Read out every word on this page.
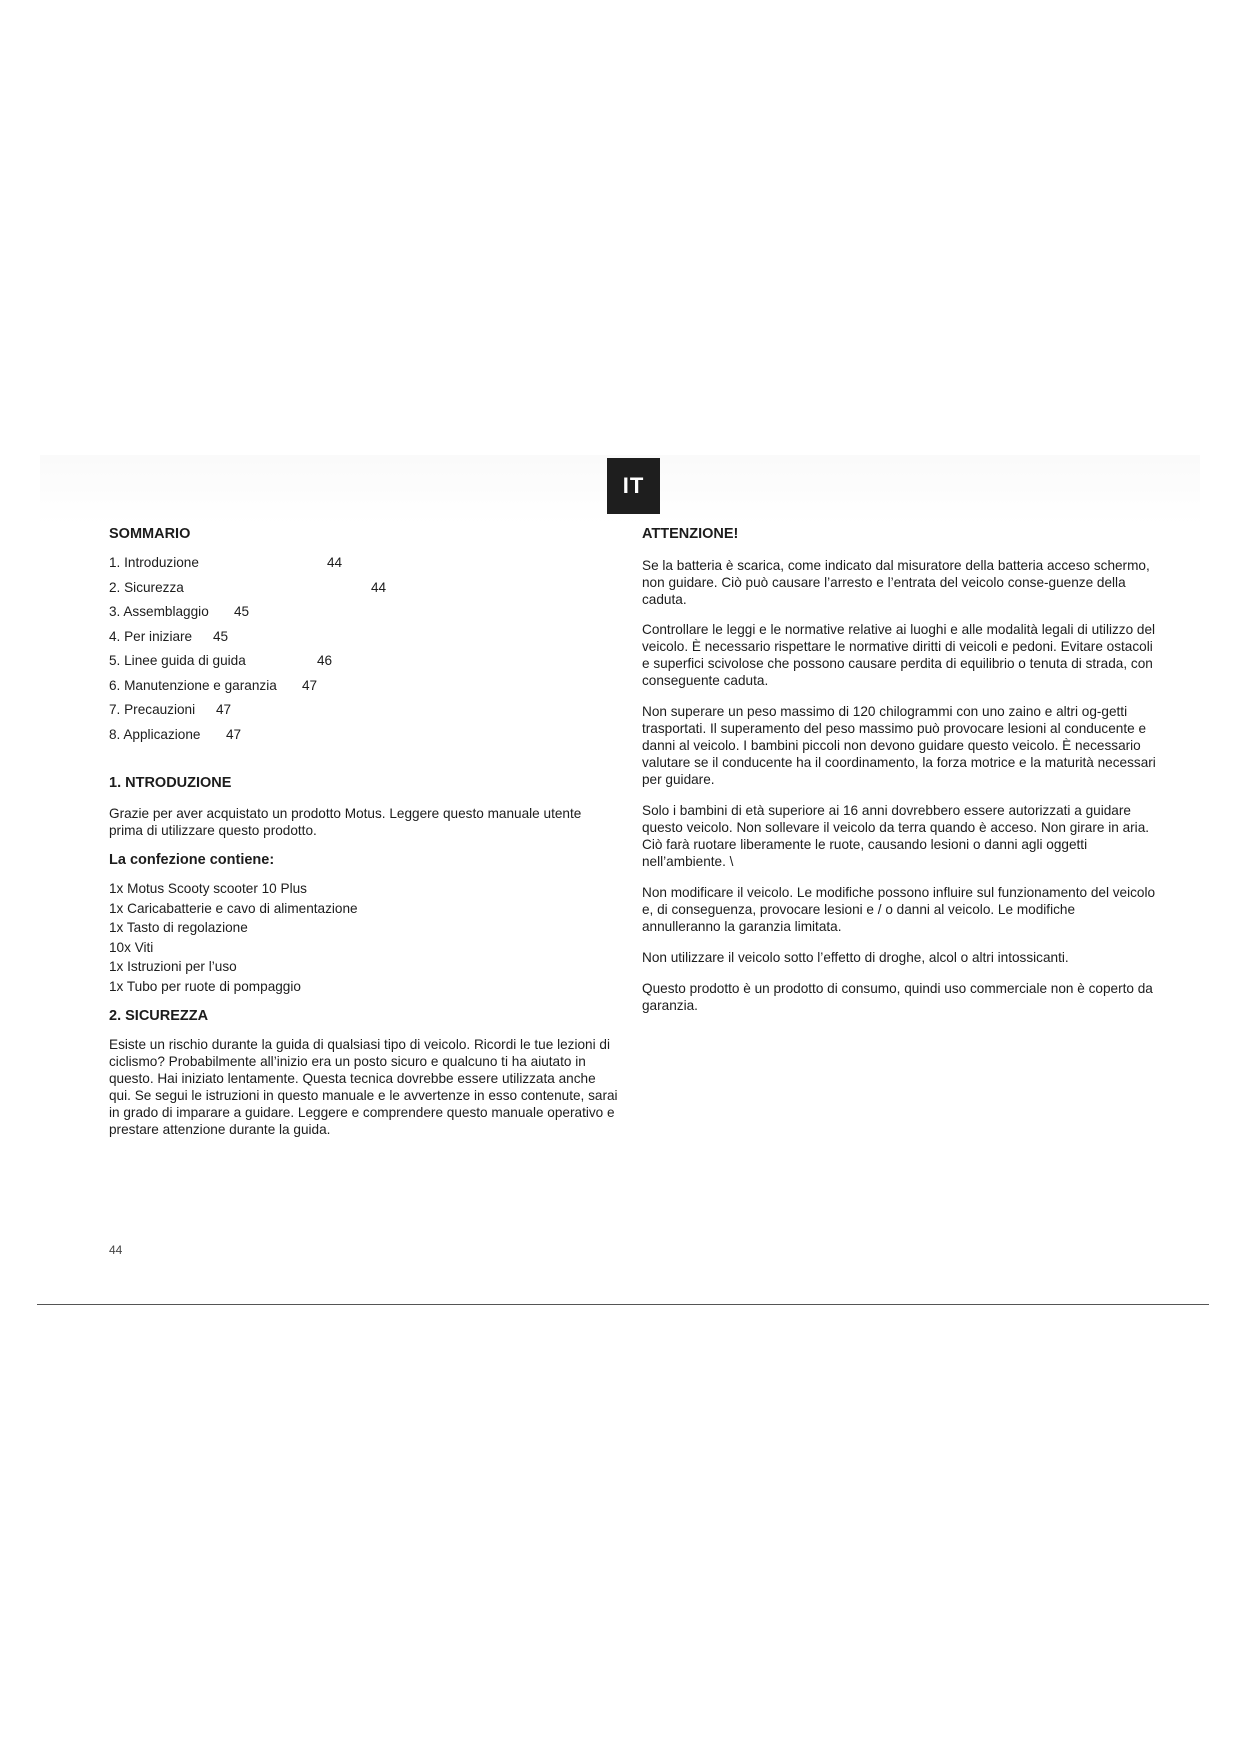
IT
SOMMARIO
1. Introduzione	44
2. Sicurezza	44
3. Assemblaggio 45
4. Per iniziare 45
5. Linee guida di guida	46
6. Manutenzione e garanzia 47
7. Precauzioni 47
8. Applicazione 47
1. NTRODUZIONE

Grazie per aver acquistato un prodotto Motus. Leggere questo manuale utente prima di utilizzare questo prodotto.

La confezione contiene:
1x Motus Scooty scooter 10 Plus
1x Caricabatterie e cavo di alimentazione
1x Tasto di regolazione
10x Viti
1x Istruzioni per l’uso
1x Tubo per ruote di pompaggio
2. SICUREZZA

Esiste un rischio durante la guida di qualsiasi tipo di veicolo. Ricordi le tue lezioni di ciclismo? Probabilmente all’inizio era un posto sicuro e qualcuno ti ha aiutato in questo. Hai iniziato lentamente. Questa tecnica dovrebbe essere utilizzata anche qui. Se segui le istruzioni in questo manuale e le avvertenze in esso contenute, sarai in grado di imparare a guidare. Leggere e comprendere questo manuale operativo e prestare attenzione durante la guida.

ATTENZIONE!

Se la batteria è scarica, come indicato dal misuratore della batteria acceso schermo, non guidare. Ciò può causare l’arresto e l’entrata del veicolo conse-guenze della caduta.

Controllare le leggi e le normative relative ai luoghi e alle modalità legali di utilizzo del veicolo. È necessario rispettare le normative diritti di veicoli e pedoni. Evitare ostacoli e superfici scivolose che possono causare perdita di equilibrio o tenuta di strada, con conseguente caduta.

Non superare un peso massimo di 120 chilogrammi con uno zaino e altri og-getti trasportati. Il superamento del peso massimo può provocare lesioni al conducente e danni al veicolo. I bambini piccoli non devono guidare questo veicolo. È necessario valutare se il conducente ha il coordinamento, la forza motrice e la maturità necessari per guidare.

Solo i bambini di età superiore ai 16 anni dovrebbero essere autorizzati a guidare questo veicolo. Non sollevare il veicolo da terra quando è acceso. Non girare in aria. Ciò farà ruotare liberamente le ruote, causando lesioni o danni agli oggetti nell’ambiente. \

Non modificare il veicolo. Le modifiche possono influire sul funzionamento del veicolo e, di conseguenza, provocare lesioni e / o danni al veicolo. Le modifiche annulleranno la garanzia limitata.

Non utilizzare il veicolo sotto l’effetto di droghe, alcol o altri intossicanti.

Questo prodotto è un prodotto di consumo, quindi uso commerciale non è coperto da garanzia.

44
